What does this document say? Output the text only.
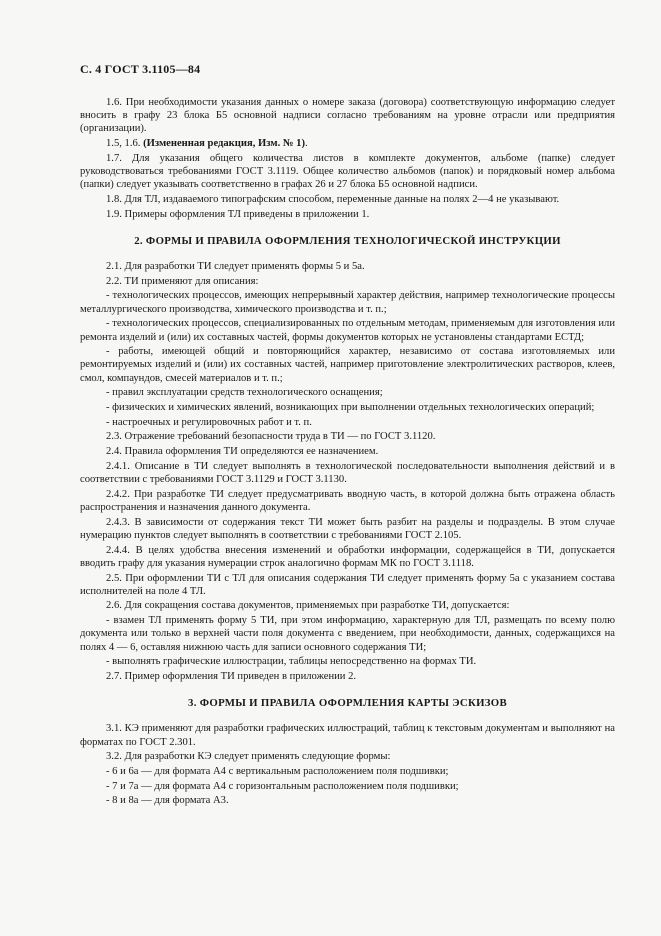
С. 4 ГОСТ 3.1105—84

1.6. При необходимости указания данных о номере заказа (договора) соответствующую информацию следует вносить в графу 23 блока Б5 основной надписи согласно требованиям на уровне отрасли или предприятия (организации).

1.5, 1.6. (Измененная редакция, Изм. № 1).

1.7. Для указания общего количества листов в комплекте документов, альбоме (папке) следует руководствоваться требованиями ГОСТ 3.1119. Общее количество альбомов (папок) и порядковый номер альбома (папки) следует указывать соответственно в графах 26 и 27 блока Б5 основной надписи.

1.8. Для ТЛ, издаваемого типографским способом, переменные данные на полях 2—4 не указывают.

1.9. Примеры оформления ТЛ приведены в приложении 1.

2. ФОРМЫ И ПРАВИЛА ОФОРМЛЕНИЯ ТЕХНОЛОГИЧЕСКОЙ ИНСТРУКЦИИ

2.1. Для разработки ТИ следует применять формы 5 и 5а.

2.2. ТИ применяют для описания:

- технологических процессов, имеющих непрерывный характер действия, например технологические процессы металлургического производства, химического производства и т. п.;

- технологических процессов, специализированных по отдельным методам, применяемым для изготовления или ремонта изделий и (или) их составных частей, формы документов которых не установлены стандартами ЕСТД;

- работы, имеющей общий и повторяющийся характер, независимо от состава изготовляемых или ремонтируемых изделий и (или) их составных частей, например приготовление электролитических растворов, клеев, смол, компаундов, смесей материалов и т. п.;

- правил эксплуатации средств технологического оснащения;

- физических и химических явлений, возникающих при выполнении отдельных технологических операций;

- настроечных и регулировочных работ и т. п.

2.3. Отражение требований безопасности труда в ТИ — по ГОСТ 3.1120.

2.4. Правила оформления ТИ определяются ее назначением.

2.4.1. Описание в ТИ следует выполнять в технологической последовательности выполнения действий и в соответствии с требованиями ГОСТ 3.1129 и ГОСТ 3.1130.

2.4.2. При разработке ТИ следует предусматривать вводную часть, в которой должна быть отражена область распространения и назначения данного документа.

2.4.3. В зависимости от содержания текст ТИ может быть разбит на разделы и подразделы. В этом случае нумерацию пунктов следует выполнять в соответствии с требованиями ГОСТ 2.105.

2.4.4. В целях удобства внесения изменений и обработки информации, содержащейся в ТИ, допускается вводить графу для указания нумерации строк аналогично формам МК по ГОСТ 3.1118.

2.5. При оформлении ТИ с ТЛ для описания содержания ТИ следует применять форму 5а с указанием состава исполнителей на поле 4 ТЛ.

2.6. Для сокращения состава документов, применяемых при разработке ТИ, допускается:

- взамен ТЛ применять форму 5 ТИ, при этом информацию, характерную для ТЛ, размещать по всему полю документа или только в верхней части поля документа с введением, при необходимости, данных, содержащихся на полях 4 — 6, оставляя нижнюю часть для записи основного содержания ТИ;

- выполнять графические иллюстрации, таблицы непосредственно на формах ТИ.

2.7. Пример оформления ТИ приведен в приложении 2.

3. ФОРМЫ И ПРАВИЛА ОФОРМЛЕНИЯ КАРТЫ ЭСКИЗОВ

3.1. КЭ применяют для разработки графических иллюстраций, таблиц к текстовым документам и выполняют на форматах по ГОСТ 2.301.

3.2. Для разработки КЭ следует применять следующие формы:

- 6 и 6а — для формата А4 с вертикальным расположением поля подшивки;

- 7 и 7а — для формата А4 с горизонтальным расположением поля подшивки;

- 8 и 8а — для формата А3.
